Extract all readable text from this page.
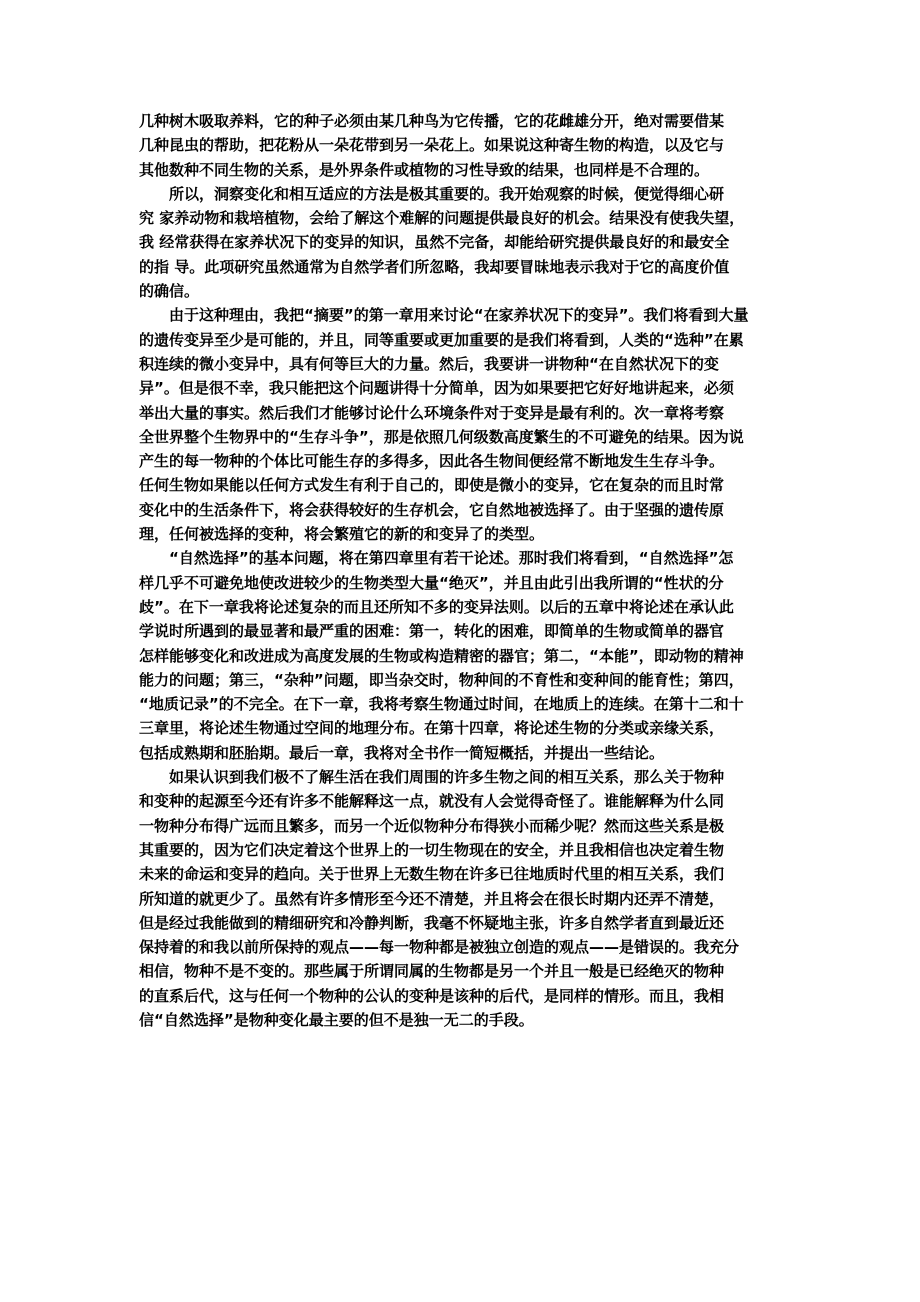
几种树木吸取养料，它的种子必须由某几种鸟为它传播，它的花雌雄分开，绝对需要借某
几种昆虫的帮助，把花粉从一朵花带到另一朵花上。如果说这种寄生物的构造，以及它与
其他数种不同生物的关系，是外界条件或植物的习性导致的结果，也同样是不合理的。

　　所以，洞察变化和相互适应的方法是极其重要的。我开始观察的时候，便觉得细心研
究 家养动物和栽培植物，会给了解这个难解的问题提供最良好的机会。结果没有使我失望，
我 经常获得在家养状况下的变异的知识，虽然不完备，却能给研究提供最良好的和最安全
的指 导。此项研究虽然通常为自然学者们所忽略，我却要冒昧地表示我对于它的高度价值
的确信。

　　由于这种理由，我把“摘要”的第一章用来讨论“在家养状况下的变异”。我们将看到大量
的遗传变异至少是可能的，并且，同等重要或更加重要的是我们将看到，人类的“选种”在累
积连续的微小变异中，具有何等巨大的力量。然后，我要讲一讲物种“在自然状况下的变
异”。但是很不幸，我只能把这个问题讲得十分简单，因为如果要把它好好地讲起来，必须
举出大量的事实。然后我们才能够讨论什么环境条件对于变异是最有利的。次一章将考察
全世界整个生物界中的“生存斗争”，那是依照几何级数高度繁生的不可避免的结果。因为说
产生的每一物种的个体比可能生存的多得多，因此各生物间便经常不断地发生生存斗争。
任何生物如果能以任何方式发生有利于自己的，即使是微小的变异，它在复杂的而且时常
变化中的生活条件下，将会获得较好的生存机会，它自然地被选择了。由于坚强的遗传原
理，任何被选择的变种，将会繁殖它的新的和变异了的类型。

　　“自然选择”的基本问题，将在第四章里有若干论述。那时我们将看到，“自然选择”怎
样几乎不可避免地使改进较少的生物类型大量“绝灭”，并且由此引出我所谓的“性状的分
歧”。在下一章我将论述复杂的而且还所知不多的变异法则。以后的五章中将论述在承认此
学说时所遇到的最显著和最严重的困难：第一，转化的困难，即简单的生物或简单的器官
怎样能够变化和改进成为高度发展的生物或构造精密的器官；第二，“本能”，即动物的精神
能力的问题；第三，“杂种”问题，即当杂交时，物种间的不育性和变种间的能育性；第四，
“地质记录”的不完全。在下一章，我将考察生物通过时间，在地质上的连续。在第十二和十
三章里，将论述生物通过空间的地理分布。在第十四章，将论述生物的分类或亲缘关系，
包括成熟期和胚胎期。最后一章，我将对全书作一简短概括，并提出一些结论。

　　如果认识到我们极不了解生活在我们周围的许多生物之间的相互关系，那么关于物种
和变种的起源至今还有许多不能解释这一点，就没有人会觉得奇怪了。谁能解释为什么同
一物种分布得广远而且繁多，而另一个近似物种分布得狭小而稀少呢？然而这些关系是极
其重要的，因为它们决定着这个世界上的一切生物现在的安全，并且我相信也决定着生物
未来的命运和变异的趋向。关于世界上无数生物在许多已往地质时代里的相互关系，我们
所知道的就更少了。虽然有许多情形至今还不清楚，并且将会在很长时期内还弄不清楚，
但是经过我能做到的精细研究和冷静判断，我毫不怀疑地主张，许多自然学者直到最近还
保持着的和我以前所保持的观点——每一物种都是被独立创造的观点——是错误的。我充分
相信，物种不是不变的。那些属于所谓同属的生物都是另一个并且一般是已经绝灭的物种
的直系后代，这与任何一个物种的公认的变种是该种的后代，是同样的情形。而且，我相
信“自然选择”是物种变化最主要的但不是独一无二的手段。
